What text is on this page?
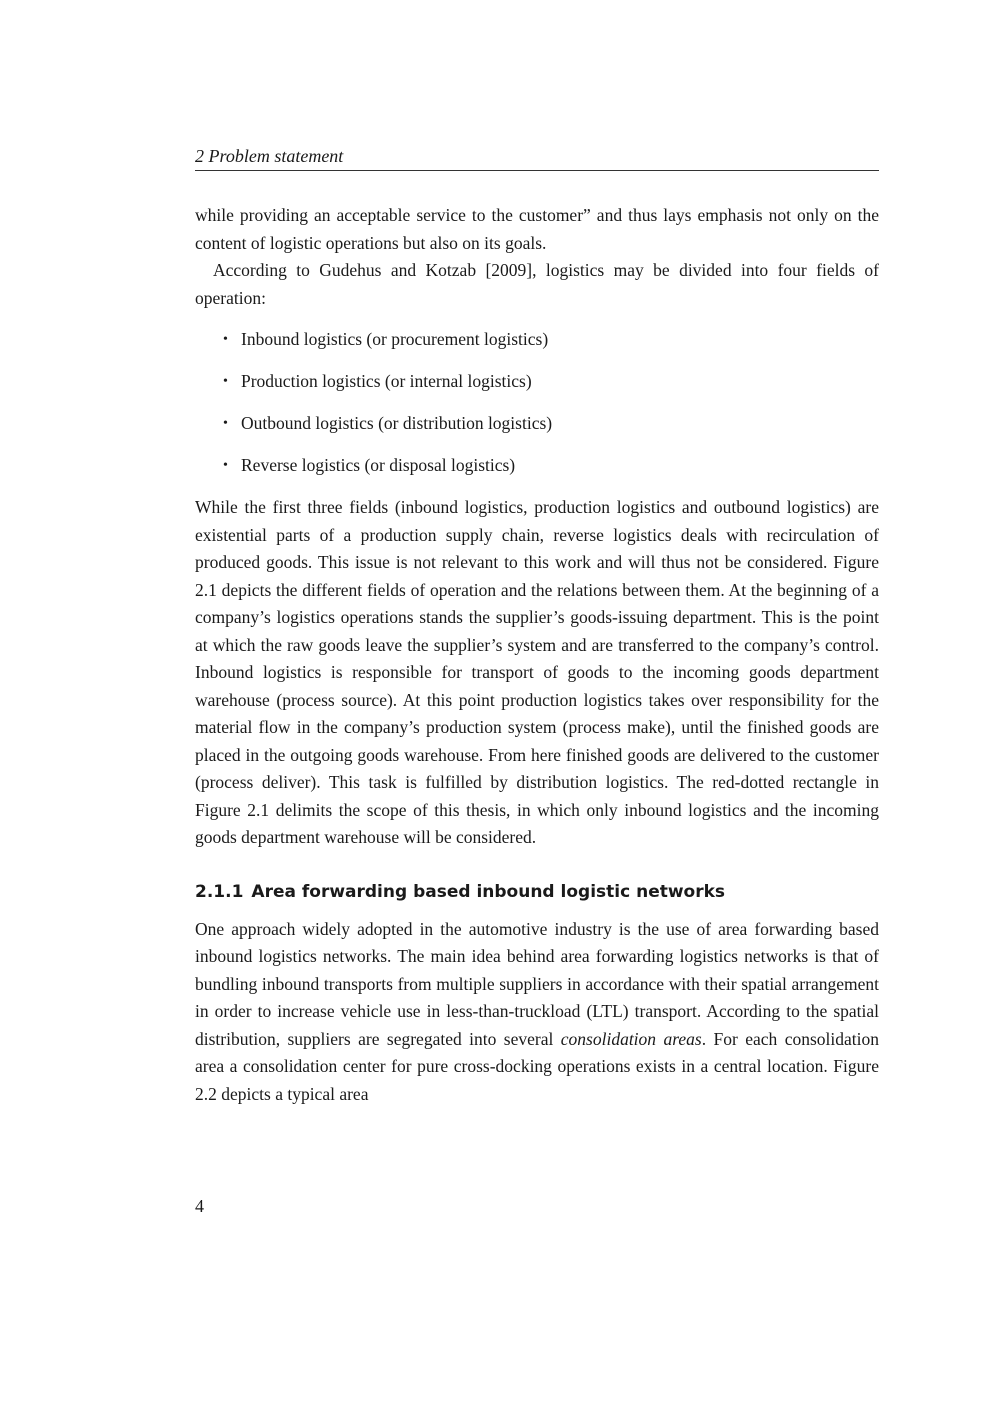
2 Problem statement

while providing an acceptable service to the customer” and thus lays emphasis not only on the content of logistic operations but also on its goals.

According to Gudehus and Kotzab [2009], logistics may be divided into four fields of operation:

• Inbound logistics (or procurement logistics)
• Production logistics (or internal logistics)
• Outbound logistics (or distribution logistics)
• Reverse logistics (or disposal logistics)

While the first three fields (inbound logistics, production logistics and outbound logistics) are existential parts of a production supply chain, reverse logistics deals with recirculation of produced goods. This issue is not relevant to this work and will thus not be considered. Figure 2.1 depicts the different fields of operation and the relations between them. At the beginning of a company’s logistics operations stands the supplier’s goods-issuing department. This is the point at which the raw goods leave the supplier’s system and are transferred to the company’s control. Inbound logistics is responsible for transport of goods to the incoming goods department warehouse (process source). At this point production logistics takes over responsibility for the material flow in the company’s production system (process make), until the finished goods are placed in the outgoing goods warehouse. From here finished goods are delivered to the customer (process deliver). This task is fulfilled by distribution logistics. The red-dotted rectangle in Figure 2.1 delimits the scope of this thesis, in which only inbound logistics and the incoming goods department warehouse will be considered.

2.1.1 Area forwarding based inbound logistic networks

One approach widely adopted in the automotive industry is the use of area forwarding based inbound logistics networks. The main idea behind area forwarding logistics networks is that of bundling inbound transports from multiple suppliers in accordance with their spatial arrangement in order to increase vehicle use in less-than-truckload (LTL) transport. According to the spatial distribution, suppliers are segregated into several consolidation areas. For each consolidation area a consolidation center for pure cross-docking operations exists in a central location. Figure 2.2 depicts a typical area

4
